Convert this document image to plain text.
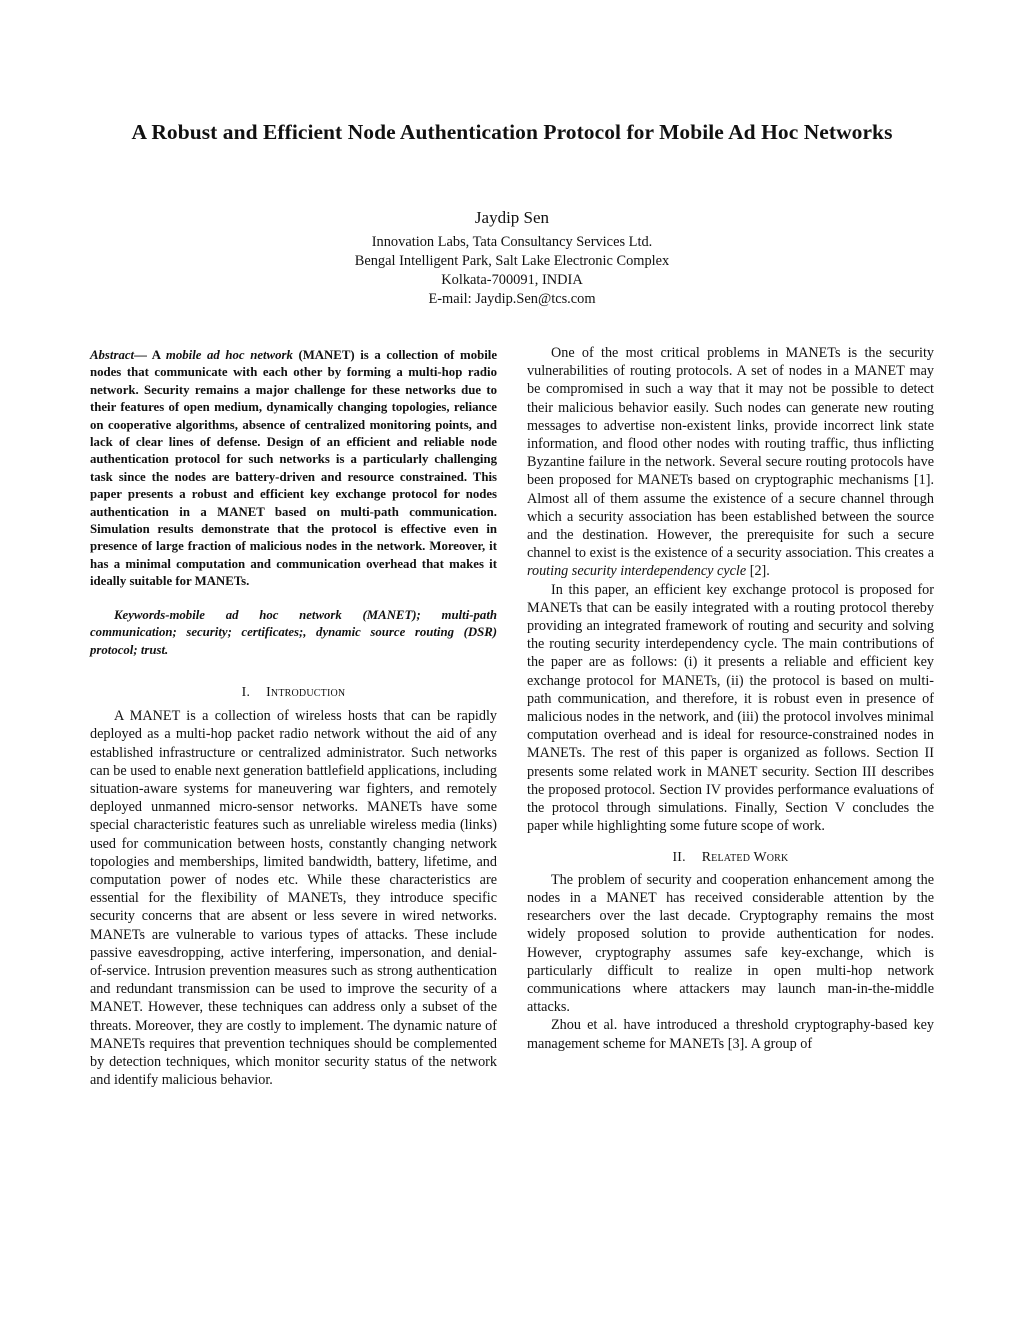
A Robust and Efficient Node Authentication Protocol for Mobile Ad Hoc Networks
Jaydip Sen
Innovation Labs, Tata Consultancy Services Ltd.
Bengal Intelligent Park, Salt Lake Electronic Complex
Kolkata-700091, INDIA
E-mail: Jaydip.Sen@tcs.com

Abstract— A mobile ad hoc network (MANET) is a collection of mobile nodes that communicate with each other by forming a multi-hop radio network. Security remains a major challenge for these networks due to their features of open medium, dynamically changing topologies, reliance on cooperative algorithms, absence of centralized monitoring points, and lack of clear lines of defense. Design of an efficient and reliable node authentication protocol for such networks is a particularly challenging task since the nodes are battery-driven and resource constrained. This paper presents a robust and efficient key exchange protocol for nodes authentication in a MANET based on multi-path communication. Simulation results demonstrate that the protocol is effective even in presence of large fraction of malicious nodes in the network. Moreover, it has a minimal computation and communication overhead that makes it ideally suitable for MANETs.

Keywords-mobile ad hoc network (MANET); multi-path communication; security; certificates;, dynamic source routing (DSR) protocol; trust.

I. Introduction

A MANET is a collection of wireless hosts that can be rapidly deployed as a multi-hop packet radio network without the aid of any established infrastructure or centralized administrator. Such networks can be used to enable next generation battlefield applications, including situation-aware systems for maneuvering war fighters, and remotely deployed unmanned micro-sensor networks. MANETs have some special characteristic features such as unreliable wireless media (links) used for communication between hosts, constantly changing network topologies and memberships, limited bandwidth, battery, lifetime, and computation power of nodes etc. While these characteristics are essential for the flexibility of MANETs, they introduce specific security concerns that are absent or less severe in wired networks. MANETs are vulnerable to various types of attacks. These include passive eavesdropping, active interfering, impersonation, and denial-of-service. Intrusion prevention measures such as strong authentication and redundant transmission can be used to improve the security of a MANET. However, these techniques can address only a subset of the threats. Moreover, they are costly to implement. The dynamic nature of MANETs requires that prevention techniques should be complemented by detection techniques, which monitor security status of the network and identify malicious behavior.

One of the most critical problems in MANETs is the security vulnerabilities of routing protocols. A set of nodes in a MANET may be compromised in such a way that it may not be possible to detect their malicious behavior easily. Such nodes can generate new routing messages to advertise non-existent links, provide incorrect link state information, and flood other nodes with routing traffic, thus inflicting Byzantine failure in the network. Several secure routing protocols have been proposed for MANETs based on cryptographic mechanisms [1]. Almost all of them assume the existence of a secure channel through which a security association has been established between the source and the destination. However, the prerequisite for such a secure channel to exist is the existence of a security association. This creates a routing security interdependency cycle [2].

In this paper, an efficient key exchange protocol is proposed for MANETs that can be easily integrated with a routing protocol thereby providing an integrated framework of routing and security and solving the routing security interdependency cycle. The main contributions of the paper are as follows: (i) it presents a reliable and efficient key exchange protocol for MANETs, (ii) the protocol is based on multi-path communication, and therefore, it is robust even in presence of malicious nodes in the network, and (iii) the protocol involves minimal computation overhead and is ideal for resource-constrained nodes in MANETs. The rest of this paper is organized as follows. Section II presents some related work in MANET security. Section III describes the proposed protocol. Section IV provides performance evaluations of the protocol through simulations. Finally, Section V concludes the paper while highlighting some future scope of work.

II. Related Work

The problem of security and cooperation enhancement among the nodes in a MANET has received considerable attention by the researchers over the last decade. Cryptography remains the most widely proposed solution to provide authentication for nodes. However, cryptography assumes safe key-exchange, which is particularly difficult to realize in open multi-hop network communications where attackers may launch man-in-the-middle attacks.

Zhou et al. have introduced a threshold cryptography-based key management scheme for MANETs [3]. A group of
